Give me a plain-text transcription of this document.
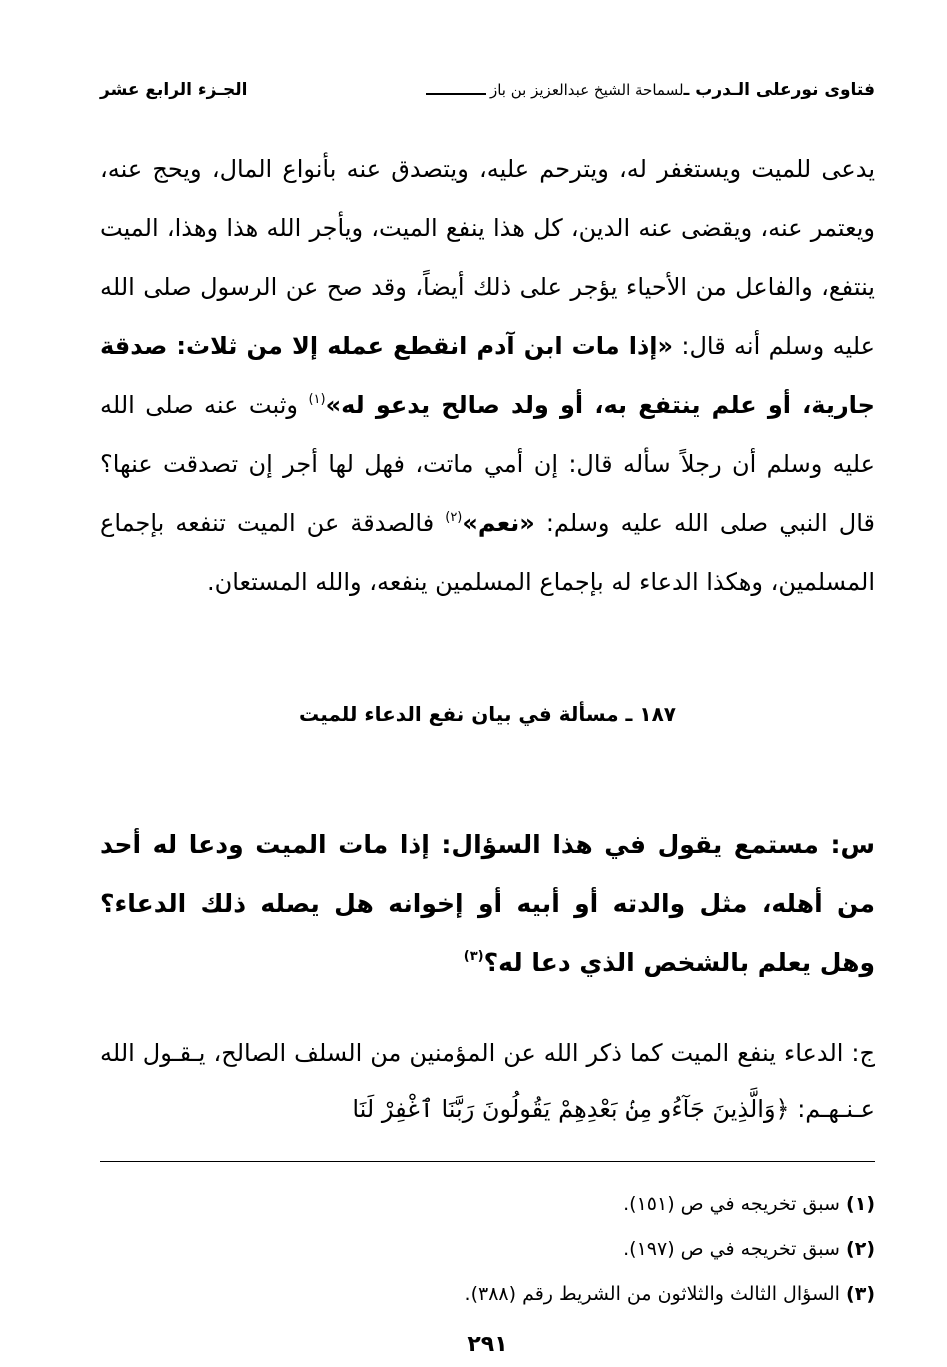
فتاوى نورعلى الـدرب ـ
لسماحة الشيخ عبدالعزيز بن باز
الجـزء الرابع عشر
يدعى للميت ويستغفر له، ويترحم عليه، ويتصدق عنه بأنواع المال، ويحج عنه، ويعتمر عنه، ويقضى عنه الدين، كل هذا ينفع الميت، ويأجر الله هذا وهذا، الميت ينتفع، والفاعل من الأحياء يؤجر على ذلك أيضاً، وقد صح عن الرسول صلى الله عليه وسلم أنه قال: «إذا مات ابن آدم انقطع عمله إلا من ثلاث: صدقة جارية، أو علم ينتفع به، أو ولد صالح يدعو له»$^{(١)}$ وثبت عنه صلى الله عليه وسلم أن رجلاً سأله قال: إن أمي ماتت، فهل لها أجر إن تصدقت عنها؟ قال النبي صلى الله عليه وسلم: «نعم»$^{(٢)}$ فالصدقة عن الميت تنفعه بإجماع المسلمين، وهكذا الدعاء له بإجماع المسلمين ينفعه، والله المستعان.
١٨٧ ـ مسألة في بيان نفع الدعاء للميت
س: مستمع يقول في هذا السؤال: إذا مات الميت ودعا له أحد من أهله، مثل والدته أو أبيه أو إخوانه هل يصله ذلك الدعاء؟ وهل يعلم بالشخص الذي دعا له؟$^{(٣)}$
ج: الدعاء ينفع الميت كما ذكر الله عن المؤمنين من السلف الصالح، يـقـول الله عـنـهـم: ﴿وَالَّذِينَ جَآءُو مِنۢ بَعْدِهِمْ يَقُولُونَ رَبَّنَا ٱغْفِرْ لَنَا
(١) سبق تخريجه في ص (١٥١).
(٢) سبق تخريجه في ص (١٩٧).
(٣) السؤال الثالث والثلاثون من الشريط رقم (٣٨٨).
٢٩١
